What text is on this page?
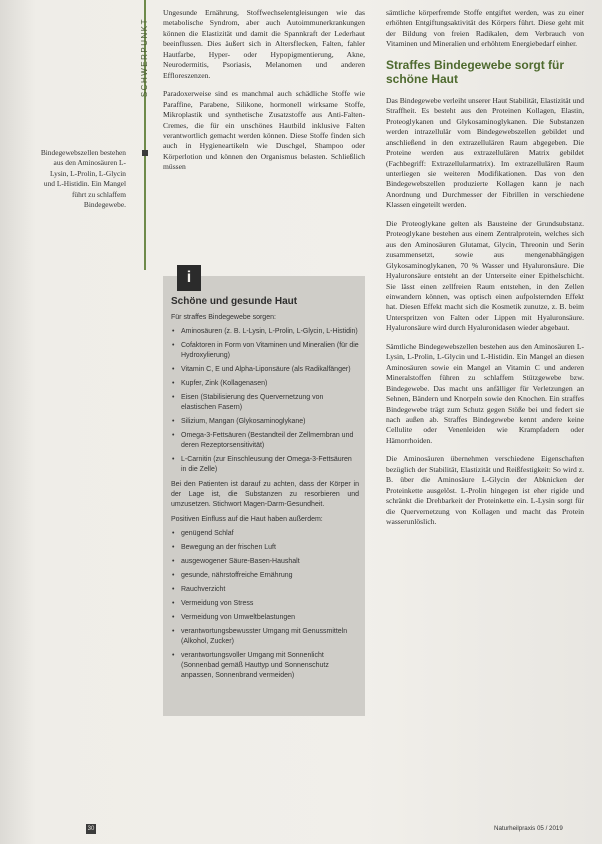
SCHWERPUNKT
Bindegewebszellen bestehen aus den Aminosäuren L-Lysin, L-Prolin, L-Glycin und L-Histidin. Ein Mangel führt zu schlaffem Bindegewebe.

Ungesunde Ernährung, Stoffwechselentgleisungen wie das metabolische Syndrom, aber auch Autoimmunerkrankungen können die Elastizität und damit die Spannkraft der Lederhaut beeinflussen. Dies äußert sich in Altersflecken, Falten, fahler Hautfarbe, Hyper- oder Hypopigmentierung, Akne, Neurodermitis, Psoriasis, Melanomen und anderen Effloreszenzen.

Paradoxerweise sind es manchmal auch schädliche Stoffe wie Paraffine, Parabene, Silikone, hormonell wirksame Stoffe, Mikroplastik und synthetische Zusatzstoffe aus Anti-Falten-Cremes, die für ein unschönes Hautbild inklusive Falten verantwortlich gemacht werden können. Diese Stoffe finden sich auch in Hygieneartikeln wie Duschgel, Shampoo oder Körperlotion und können den Organismus belasten. Schließlich müssen

i
Schöne und gesunde Haut
Für straffes Bindegewebe sorgen:
• Aminosäuren (z. B. L-Lysin, L-Prolin, L-Glycin, L-Histidin)
• Cofaktoren in Form von Vitaminen und Mineralien (für die Hydroxylierung)
• Vitamin C, E und Alpha-Liponsäure (als Radikalfänger)
• Kupfer, Zink (Kollagenasen)
• Eisen (Stabilisierung des Quervernetzung von elastischen Fasern)
• Silizium, Mangan (Glykosaminoglykane)
• Omega-3-Fettsäuren (Bestandteil der Zellmembran und deren Rezeptorsensitivität)
• L-Carnitin (zur Einschleusung der Omega-3-Fettsäuren in die Zelle)

Bei den Patienten ist darauf zu achten, dass der Körper in der Lage ist, die Substanzen zu resorbieren und umzusetzen. Stichwort Magen-Darm-Gesundheit.

Positiven Einfluss auf die Haut haben außerdem:
• genügend Schlaf
• Bewegung an der frischen Luft
• ausgewogener Säure-Basen-Haushalt
• gesunde, nährstoffreiche Ernährung
• Rauchverzicht
• Vermeidung von Stress
• Vermeidung von Umweltbelastungen
• verantwortungsbewusster Umgang mit Genussmitteln (Alkohol, Zucker)
• verantwortungsvoller Umgang mit Sonnenlicht (Sonnenbad gemäß Hauttyp und Sonnenschutz anpassen, Sonnenbrand vermeiden)

sämtliche körperfremde Stoffe entgiftet werden, was zu einer erhöhten Entgiftungsaktivität des Körpers führt. Diese geht mit der Bildung von freien Radikalen, dem Verbrauch von Vitaminen und Mineralien und erhöhtem Energiebedarf einher.

Straffes Bindegewebe sorgt für schöne Haut

Das Bindegewebe verleiht unserer Haut Stabilität, Elastizität und Straffheit. Es besteht aus den Proteinen Kollagen, Elastin, Proteoglykanen und Glykosaminoglykanen. Die Substanzen werden intrazellulär vom Bindegewebszellen gebildet und anschließend in den extrazellulären Raum abgegeben. Die Proteine werden aus extrazellulären Matrix gebildet (Fachbegriff: Extrazellularmatrix). Im extrazellulären Raum unterliegen sie weiteren Modifikationen. Das von den Bindegewebszellen produzierte Kollagen kann je nach Anordnung und Durchmesser der Fibrillen in verschiedene Klassen eingeteilt werden.

Die Proteoglykane gelten als Bausteine der Grundsubstanz. Proteoglykane bestehen aus einem Zentralprotein, welches sich aus den Aminosäuren Glutamat, Glycin, Threonin und Serin zusammensetzt, sowie aus mengenabhängigen Glykosaminoglykanen, 70 % Wasser und Hyaluronsäure. Die Hyaluronsäure entsteht an der Unterseite einer Epithelschicht. Sie lässt einen zellfreien Raum entstehen, in den Zellen einwandern können, was optisch einen aufpolsternden Effekt hat. Diesen Effekt macht sich die Kosmetik zunutze, z. B. beim Unterspritzen von Falten oder Lippen mit Hyaluronsäure. Hyaluronsäure wird durch Hyaluronidasen wieder abgebaut.

Sämtliche Bindegewebszellen bestehen aus den Aminosäuren L-Lysin, L-Prolin, L-Glycin und L-Histidin. Ein Mangel an diesen Aminosäuren sowie ein Mangel an Vitamin C und anderen Mineralstoffen führen zu schlaffem Stützgewebe bzw. Bindegewebe. Das macht uns anfälliger für Verletzungen an Sehnen, Bändern und Knorpeln sowie den Knochen. Ein straffes Bindegewebe trägt zum Schutz gegen Stöße bei und federt sie nach außen ab. Straffes Bindegewebe kennt andere keine Cellulite oder Venenleiden wie Krampfadern oder Hämorrhoiden.

Die Aminosäuren übernehmen verschiedene Eigenschaften bezüglich der Stabilität, Elastizität und Reißfestigkeit: So wird z. B. über die Aminosäure L-Glycin der Abknicken der Proteinkette ausgelöst. L-Prolin hingegen ist eher rigide und schränkt die Drehbarkeit der Proteinkette ein. L-Lysin sorgt für die Quervernetzung von Kollagen und macht das Protein wasserunlöslich.

30	Naturheilpraxis 05 / 2019
